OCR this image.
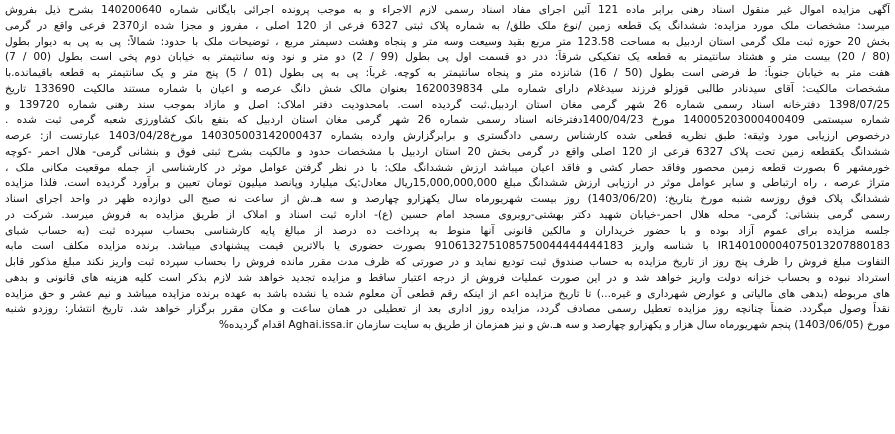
آگهی مزایده اموال غیر منقول اسناد رهنی برابر ماده 121 آئین اجرای مفاد اسناد رسمی لازم الاجراء و به موجب پرونده اجرائی بایگانی شماره 140200640 بشرح ذیل بفروش
میرسد: مشخصات ملک مورد مزایده: ششدانگ یک قطعه زمین /نوع ملک طلق/ به شماره پلاک ثبتی 6327 فرعی از 120 اصلی ، مفروز و مجزا شده از2370 فرعی واقع در گرمی
بخش 20 حوزه ثبت ملک گرمی استان اردبیل به مساحت 123.58 متر مربع بقید وسیعت وسه متر و پنجاه وهشت دسیمتر مربع ، توضیحات ملک با حدود: شمالاً: پی به پی به دیوار بطول
(80 / 20) بیست متر و هشتاد سانتیمتر به قطعه یک تفکیکی شرقاً: ددر دو قسمت اول پی بطول (99 / 2) دو متر و نود ونه سانتیمتر به خیابان دوم پخی است بطول (00 / 7)
هفت متر به خیابان جنوباً: ط فرضی است بطول (50 / 16) شانزده متر و پنجاه سانتیمتر به کوچه. غرباً: پی به پی بطول (01 / 5) پنج متر و یک سانتیمتر به قطعه باقیمانده.با
مشخصات مالکیت: آقای سیدنادر طالبی قوزلو فرزند سیدغلام دارای شماره ملی 1620039834 بعنوان مالک شش دانگ عرصه و اعیان با شماره مستند مالکیت 133690 تاریخ
1398/07/25 دفترخانه اسناد رسمی شماره 26 شهر گرمی مغان استان اردبیل.ثبت گردیده است. بامحدودیت دفتر املاک: اصل و مازاد بموجب سند رهنی شماره 139720 و
شماره سیستمی 140005203000400409 مورخ 1400/04/23دفترخانه اسناد رسمی شماره 26 شهر گرمی مغان استان اردبیل که بنفع بانک کشاورزی شعبه گرمی ثبت شده .
درخصوص ارزیابی مورد وثیقه: طبق نظریه قطعی شده کارشناس رسمی دادگستری و برابرگزارش وارده بشماره 140305003142000437 مورخ1403/04/28 عبارتست از: عرصه
ششدانگ یکقطعه زمین تحت پلاک 6327 فرعی از 120 اصلی واقع در گرمی بخش 20 استان اردبیل با مشخصات حدود و مالکیت بشرح ثبتی فوق و بنشانی گرمی- هلال احمر -کوچه
خورمشهر 6 بصورت قطعه زمین محصور وفاقد حصار کشی و فاقد اعیان میباشد ارزش ششدانگ ملک: با در نظر گرفتن عوامل موثر در کارشناسی از جمله موقعیت مکانی ملک ،
متراژ عرصه ، راه ارتباطی و سایر عوامل موثر در ارزیابی ارزش ششدانگ مبلغ 15,000,000,000ریال معادل:یک میلیارد وپانصد میلیون تومان تعیین و برآورد گردیده است. فلذا مزایده
ششدانگ پلاک فوق روزسه شنبه مورخ بتاریخ: (1403/06/20) روز بیست شهریورماه سال یکهزارو چهارصد و سه هـ.ش از ساعت نه صبح الی دوازده ظهر در واحد اجرای اسناد
رسمی گرمی بنشانی: گرمی- محله هلال احمر-خیابان شهید دکتر بهشتی-روبروی مسجد امام حسین (ع)- اداره ثبت اسناد و املاک از طریق مزایده به فروش میرسد. شرکت در
جلسه مزایده برای عموم آزاد بوده و با حضور خریداران و مالکین قانونی آنها منوط به پرداخت ده درصد از مبالغ پایه کارشناسی بحساب سپرده ثبت (به حساب شبای
IR140100004075013207880183 با شناسه واریز 9106132751085750044444444183 بصورت حضوری یا بالاترین قیمت پیشنهادی میباشد. برنده مزایده مکلف است مابه
التفاوت مبلغ فروش را ظرف پنج روز از تاریخ مزایده به حساب صندوق ثبت تودیع نماید و در صورتی که ظرف مدت مقرر مانده فروش را بحساب سپرده ثبت واریز نکند مبلغ مذکور قابل
استرداد نبوده و بحساب خزانه دولت واریز خواهد شد و در این صورت عملیات فروش از درجه اعتبار ساقط و مزایده تجدید خواهد شد لازم بذکر است کلیه هزینه های قانونی و بدهی
های مربوطه (بدهی های مالیاتی و عوارض شهرداری و غیره...) تا تاریخ مزایده اعم از اینکه رقم قطعی آن معلوم شده یا نشده باشد به عهده برنده مزایده میباشد و نیم عشر و حق مزایده
نقداً وصول میگردد. ضمناً چنانچه روز مزایده تعطیل رسمی مصادف گردد، مزایده روز اداری بعد از تعطیلی در همان ساعت و مکان مقرر برگزار خواهد شد. تاریخ انتشار: روزدو شنبه
مورخ (1403/06/05) پنجم شهریورماه سال هزار و یکهزارو چهارصد و سه هـ.ش و نیز همزمان از طریق به سایت سازمان Aghai.issa.ir اقدام گردیده%
